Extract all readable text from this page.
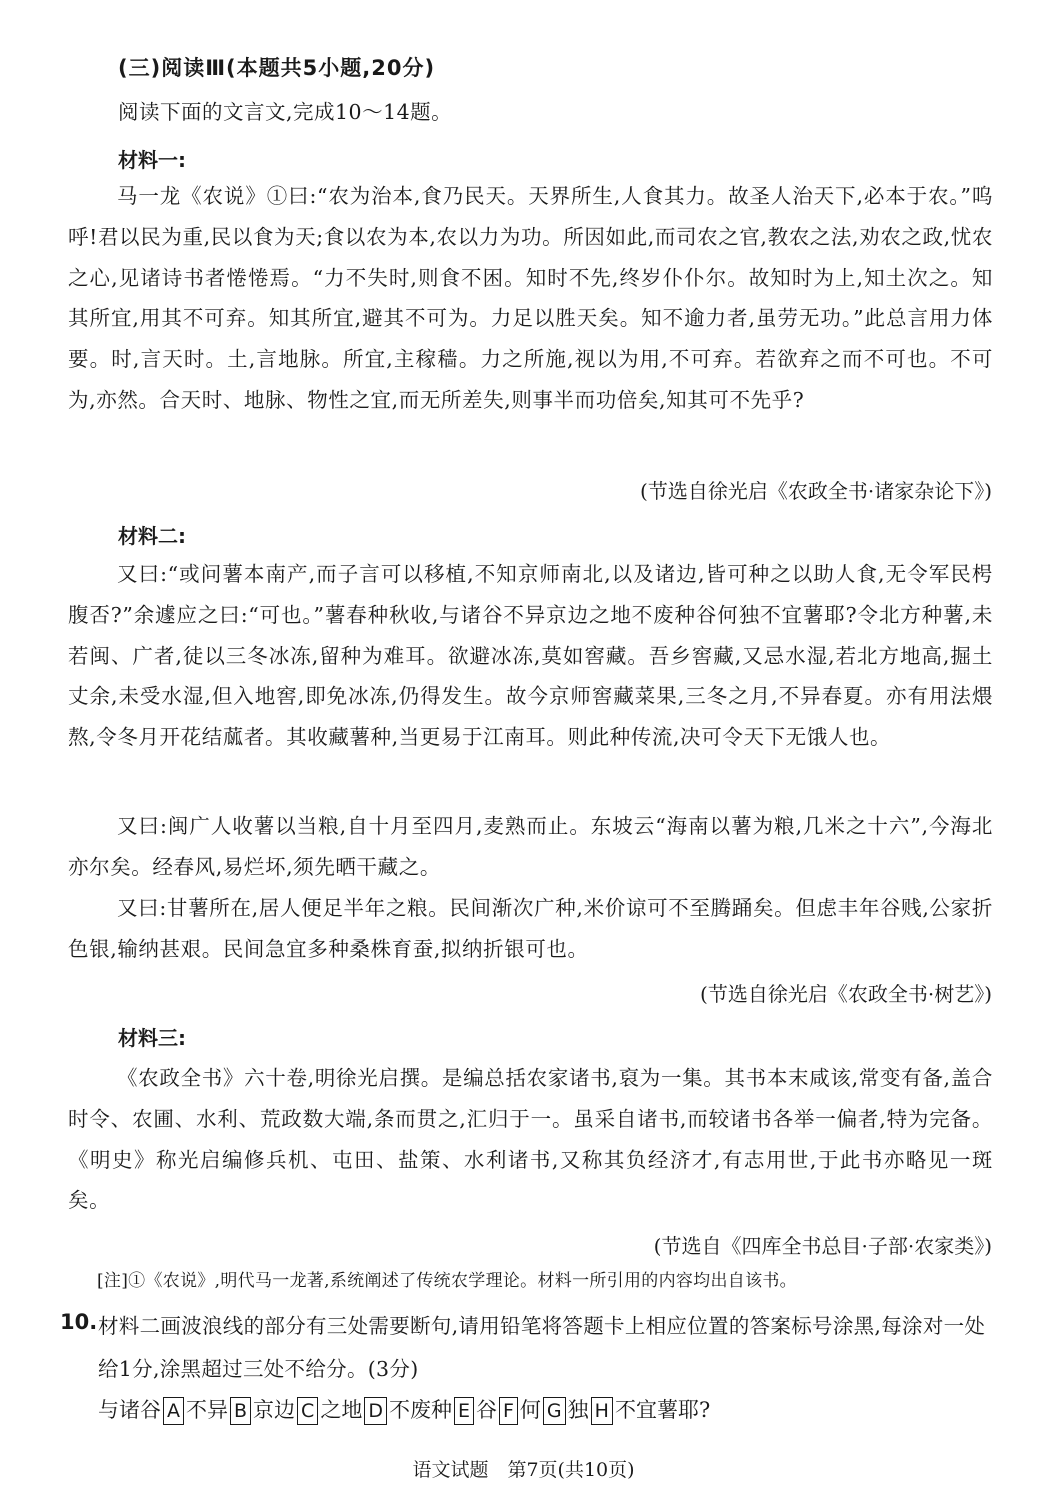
(三)阅读Ⅲ(本题共5小题,20分)
阅读下面的文言文,完成10～14题。
材料一:
马一龙《农说》①曰:“农为治本,食乃民天。天界所生,人食其力。故圣人治天下,必本于农。”呜呼!君以民为重,民以食为天;食以农为本,农以力为功。所因如此,而司农之官,教农之法,劝农之政,忧农之心,见诸诗书者惓惓焉。“力不失时,则食不困。知时不先,终岁仆仆尔。故知时为上,知土次之。知其所宜,用其不可弃。知其所宜,避其不可为。力足以胜天矣。知不逾力者,虽劳无功。”此总言用力体要。时,言天时。土,言地脉。所宜,主稼穑。力之所施,视以为用,不可弃。若欲弃之而不可也。不可为,亦然。合天时、地脉、物性之宜,而无所差失,则事半而功倍矣,知其可不先乎?
(节选自徐光启《农政全书·诸家杂论下》)
材料二:
又曰:“或问薯本南产,而子言可以移植,不知京师南北,以及诸边,皆可种之以助人食,无令军民枵腹否?”余遽应之曰:“可也。”薯春种秋收,与诸谷不异京边之地不废种谷何独不宜薯耶?令北方种薯,未若闽、广者,徒以三冬冰冻,留种为难耳。欲避冰冻,莫如窖藏。吾乡窖藏,又忌水湿,若北方地高,掘土丈余,未受水湿,但入地窖,即免冰冻,仍得发生。故今京师窖藏菜果,三冬之月,不异春夏。亦有用法煨熬,令冬月开花结蓏者。其收藏薯种,当更易于江南耳。则此种传流,决可令天下无饿人也。
又曰:闽广人收薯以当粮,自十月至四月,麦熟而止。东坡云“海南以薯为粮,几米之十六”,今海北亦尔矣。经春风,易烂坏,须先晒干藏之。
又曰:甘薯所在,居人便足半年之粮。民间渐次广种,米价谅可不至腾踊矣。但虑丰年谷贱,公家折色银,输纳甚艰。民间急宜多种桑株育蚕,拟纳折银可也。
(节选自徐光启《农政全书·树艺》)
材料三:
《农政全书》六十卷,明徐光启撰。是编总括农家诸书,裒为一集。其书本末咸该,常变有备,盖合时令、农圃、水利、荒政数大端,条而贯之,汇归于一。虽采自诸书,而较诸书各举一偏者,特为完备。《明史》称光启编修兵机、屯田、盐策、水利诸书,又称其负经济才,有志用世,于此书亦略见一斑矣。
(节选自《四库全书总目·子部·农家类》)
[注]①《农说》,明代马一龙著,系统阐述了传统农学理论。材料一所引用的内容均出自该书。
10. 材料二画波浪线的部分有三处需要断句,请用铅笔将答题卡上相应位置的答案标号涂黑,每涂对一处给1分,涂黑超过三处不给分。(3分)
与诸谷 A 不异 B 京边 C 之地 D 不废种 E 谷 F 何 G 独 H 不宜薯耶?
语文试题　第7页(共10页)
